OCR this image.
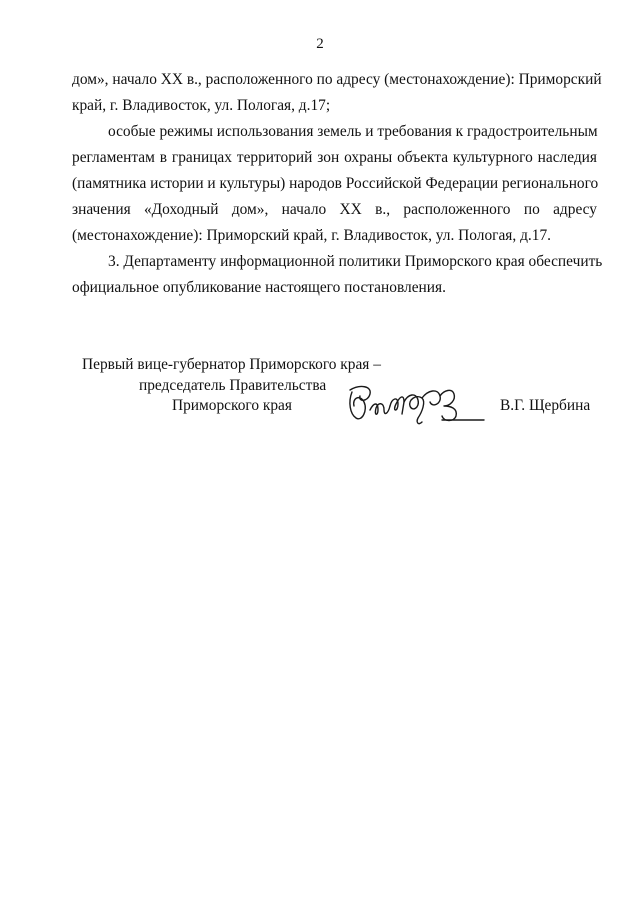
2
дом», начало XX в., расположенного по адресу (местонахождение): Приморский
край, г. Владивосток, ул. Пологая, д.17;
особые режимы использования земель и требования к градостроительным
регламентам в границах территорий зон охраны объекта культурного наследия
(памятника истории и культуры) народов Российской Федерации регионального
значения «Доходный дом», начало XX в., расположенного по адресу
(местонахождение): Приморский край, г. Владивосток, ул. Пологая, д.17.
3. Департаменту информационной политики Приморского края обеспечить
официальное опубликование настоящего постановления.
Первый вице-губернатор Приморского края –
председатель Правительства
Приморского края	В.Г. Щербина
